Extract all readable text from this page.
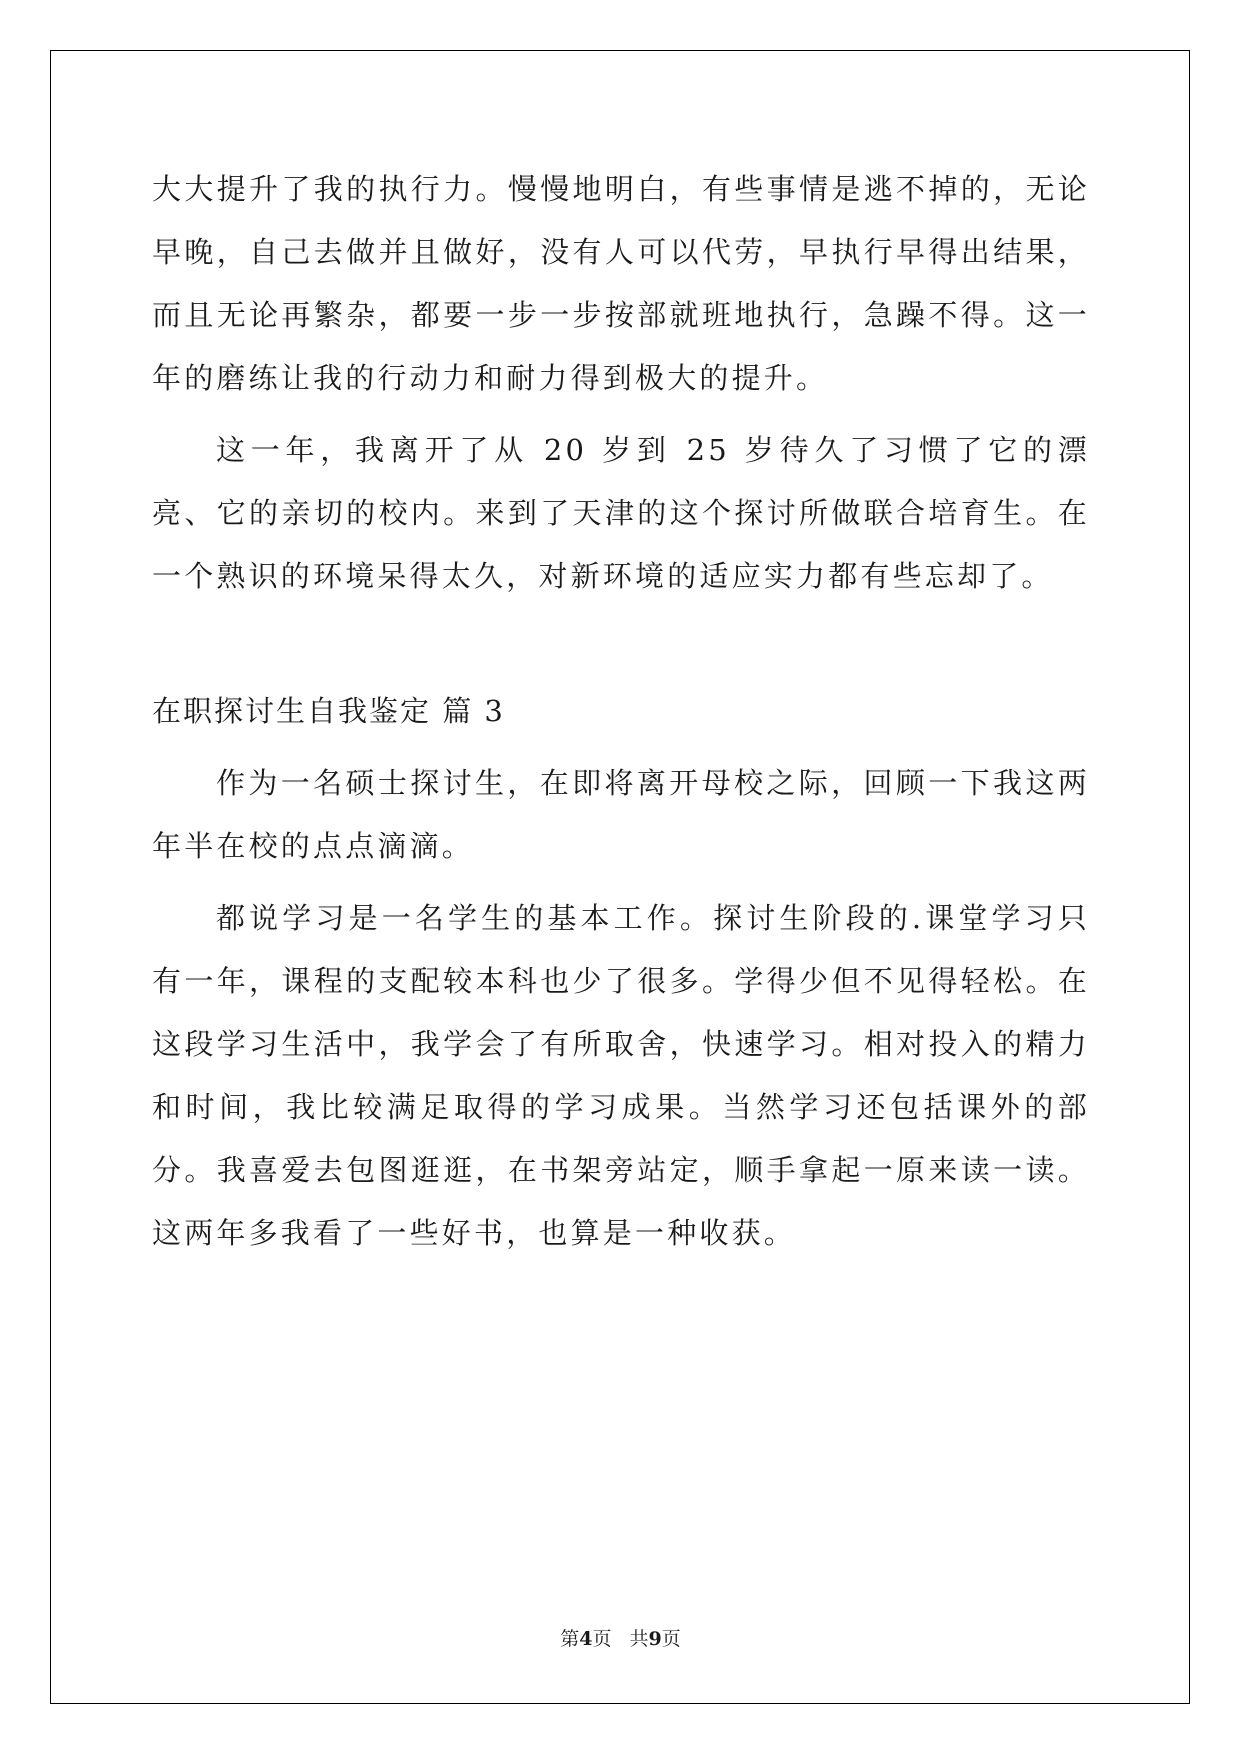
大大提升了我的执行力。慢慢地明白，有些事情是逃不掉的，无论早晚，自己去做并且做好，没有人可以代劳，早执行早得出结果，而且无论再繁杂，都要一步一步按部就班地执行，急躁不得。这一年的磨练让我的行动力和耐力得到极大的提升。

这一年，我离开了从 20 岁到 25 岁待久了习惯了它的漂亮、它的亲切的校内。来到了天津的这个探讨所做联合培育生。在一个熟识的环境呆得太久，对新环境的适应实力都有些忘却了。

在职探讨生自我鉴定 篇 3

作为一名硕士探讨生，在即将离开母校之际，回顾一下我这两年半在校的点点滴滴。

都说学习是一名学生的基本工作。探讨生阶段的.课堂学习只有一年，课程的支配较本科也少了很多。学得少但不见得轻松。在这段学习生活中，我学会了有所取舍，快速学习。相对投入的精力和时间，我比较满足取得的学习成果。当然学习还包括课外的部分。我喜爱去包图逛逛，在书架旁站定，顺手拿起一原来读一读。这两年多我看了一些好书，也算是一种收获。

第4页 共9页
